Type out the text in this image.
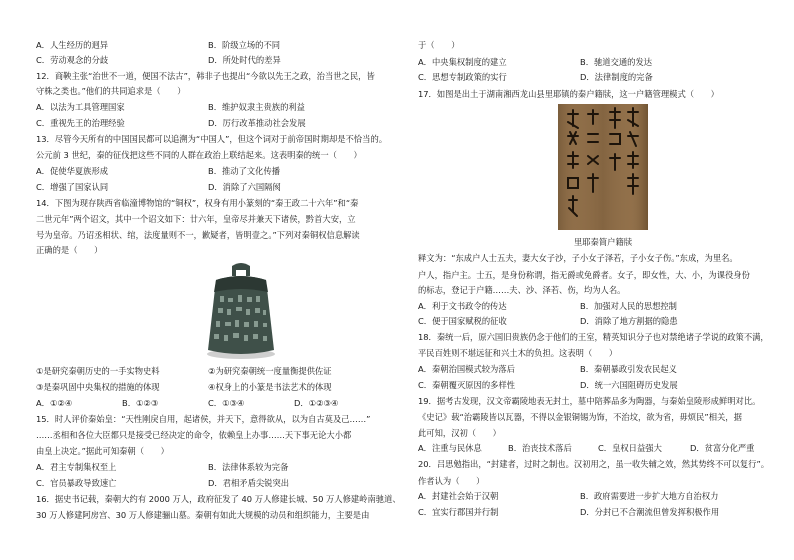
A．人生经历的迥异	B．阶级立场的不同
C．劳动观念的分歧	D．所处时代的差异
12．商鞅主张“治世不一道，便国不法古”，韩非子也提出“今欲以先王之政，治当世之民，皆
守株之类也。”他们的共同追求是（　　）
A．以法为工具管理国家	B．维护奴隶主贵族的利益
C．重视先王的治理经验	D．厉行改革推动社会发展
13．尽管今天所有的中国国民都可以追溯为“中国人”，但这个词对于前帝国时期却是不恰当的。
公元前 3 世纪，秦的征伐把这些不同的人群在政治上联结起来。这表明秦的统一（　　）
A．促使华夏族形成	B．推动了文化传播
C．增强了国家认同	D．消除了六国隔阂
14．下图为现存陕西省临潼博物馆的“铜权”，权身有用小篆刻的“秦王政二十六年”和“秦
二世元年”两个诏文，其中一个诏文如下：廿六年，皇帝尽并兼天下诸侯，黔首大安，立
号为皇帝。乃诏丞相状、绾，法度量则不一，歉疑者，皆明壹之。”下列对秦铜权信息解读
正确的是（　　）
①是研究秦朝历史的一手实物史料	②为研究秦朝统一度量衡提供佐证
③是秦巩固中央集权的措施的体现	④权身上的小篆是书法艺术的体现
A．①②④	B．①②③	C．①③④	D．①②③④
15．时人评价秦始皇：“天性刚戾自用，起诸侯，并天下，意得欲从，以为自古莫及己……”
……丞相和各位大臣都只是接受已经决定的命令，依赖皇上办事……天下事无论大小都
由皇上决定。”据此可知秦朝（　　）
A．君主专制集权至上	B．法律体系较为完备
C．官员暴政导致速亡	D．君相矛盾尖锐突出
16．据史书记载，秦朝大约有 2000 万人，政府征发了 40 万人修建长城、50 万人修建岭南驰道、
30 万人修建阿房宫、30 万人修建骊山墓。秦朝有如此大规模的动员和组织能力，主要是由
于（　　）
A．中央集权制度的建立	B．驰道交通的发达
C．思想专制政策的实行	D．法律制度的完备
17．如图是出土于湖南湘西龙山县里耶镇的秦户籍牍，这一户籍管理模式（　　）
里耶秦简户籍牍
释文为：“东成户人士五夫，妻大女子沙，子小女子泽若，子小女子伤。”东成，为里名。
户人，指户主。士五，是身份称谓，指无爵或免爵者。女子，即女性，大、小，为课役身份
的标志，登记于户籍……夫、沙、泽若、伤，均为人名。
A．利于文书政令的传达	B．加强对人民的思想控制
C．便于国家赋税的征收	D．消除了地方割据的隐患
18．秦统一后，原六国旧贵族仍念于他们的王室，精英知识分子也对禁绝诸子学说的政策不满，
平民百姓则不堪远征和兴土木的负担。这表明（　　）
A．秦朝治国模式较为落后	B．秦朝暴政引发农民起义
C．秦朝覆灭原因的多样性	D．统一六国阻碍历史发展
19．据考古发现，汉文帝霸陵地表无封土，墓中陪葬品多为陶器，与秦始皇陵形成鲜明对比。
《史记》载“治霸陵皆以瓦器，不得以金银铜锡为饰，不治坟，欲为省，毋烦民”相关，据
此可知，汉初（　　）
A．注重与民休息	B．治丧技术落后	C．皇权日益强大	D．贫富分化严重
20．吕思勉指出，“封建者，过时之制也。汉初用之，虽一收失辅之效，然其势终不可以复行”。
作者认为（　　）
A．封建社会始于汉朝	B．政府需要进一步扩大地方自治权力
C．宜实行郡国并行制	D．分封已不合潮流但曾发挥积极作用
